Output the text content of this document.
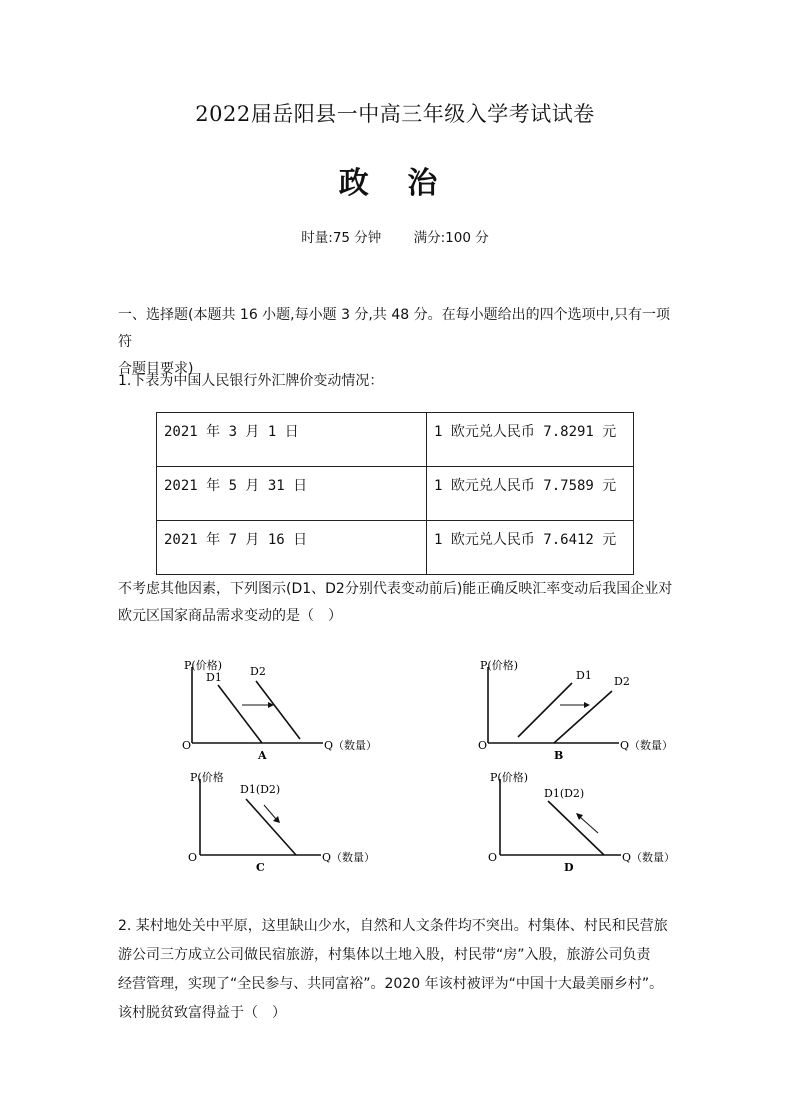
2022届岳阳县一中高三年级入学考试试卷
政 治
时量:75 分钟 满分:100 分
一、选择题(本题共 16 小题,每小题 3 分,共 48 分。在每小题给出的四个选项中,只有一项符
合题目要求)
1.下表为中国人民银行外汇牌价变动情况：
2021 年 3 月 1 日	1 欧元兑人民币 7.8291 元
2021 年 5 月 31 日	1 欧元兑人民币 7.7589 元
2021 年 7 月 16 日	1 欧元兑人民币 7.6412 元
不考虑其他因素，下列图示(D1、D2分别代表变动前后)能正确反映汇率变动后我国企业对
欧元区国家商品需求变动的是（　）
P(价格)
O	Q（数量）
D1	D2
A
P(价格)
O	Q（数量）
D1 D2
B
P(价格
O	Q（数量）
D1(D2)
C
P(价格)
O	Q（数量）
D1(D2)
D
2. 某村地处关中平原，这里缺山少水，自然和人文条件均不突出。村集体、村民和民营旅
游公司三方成立公司做民宿旅游，村集体以土地入股，村民带“房”入股，旅游公司负责
经营管理，实现了“全民参与、共同富裕”。2020 年该村被评为“中国十大最美丽乡村”。
该村脱贫致富得益于（　）
